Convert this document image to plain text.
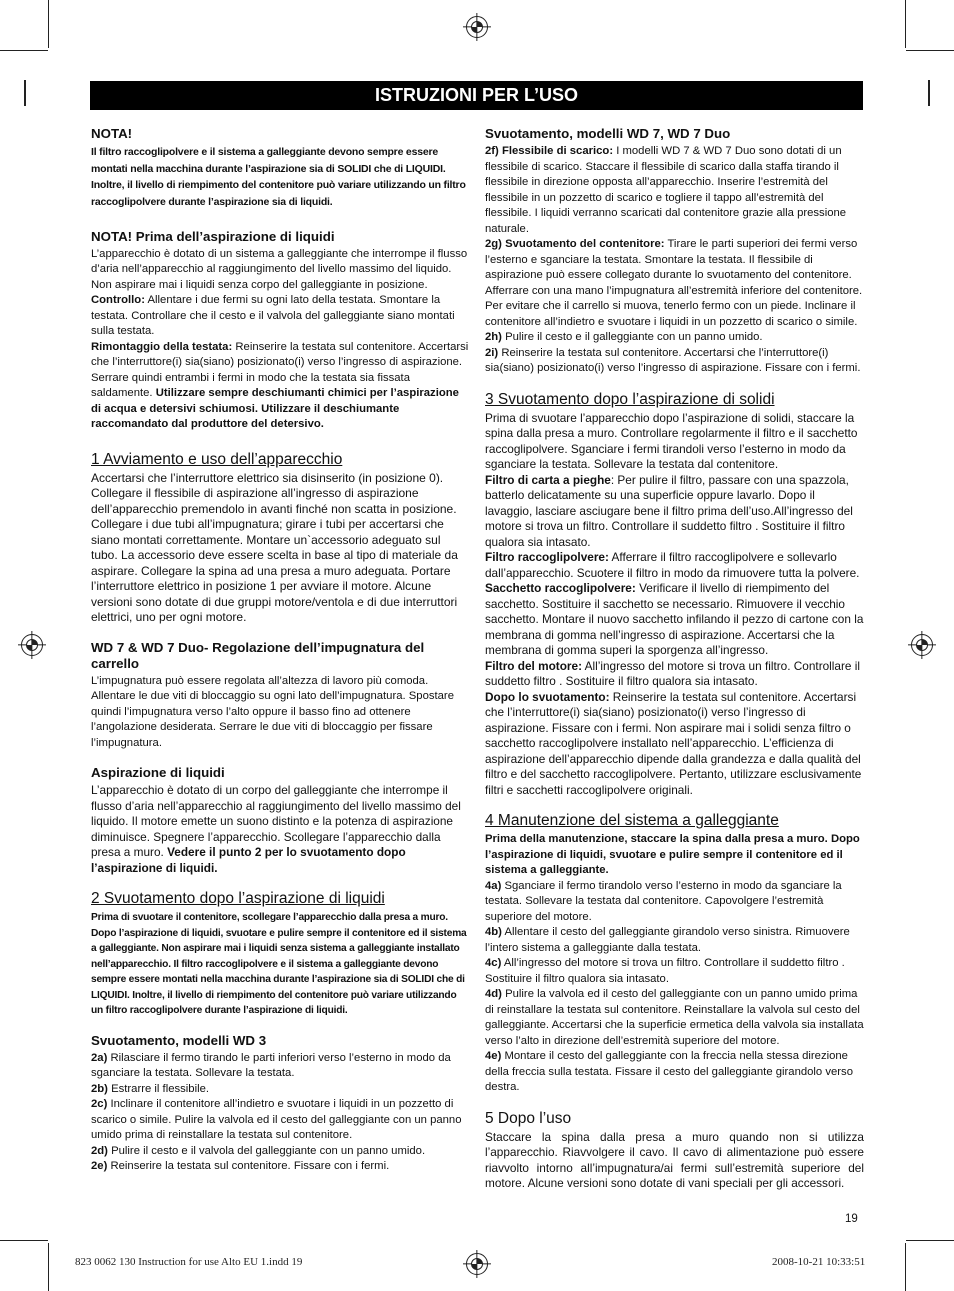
ISTRUZIONI PER L’USO
NOTA!

Il filtro raccoglipolvere e il sistema a galleggiante devono sempre essere montati nella macchina durante l’aspirazione sia di SOLIDI che di LIQUIDI. Inoltre, il livello di riempimento del contenitore può variare utilizzando un filtro raccoglipolvere durante l’aspirazione sia di liquidi.

NOTA! Prima dell’aspirazione di liquidi

L’apparecchio è dotato di un sistema a galleggiante che interrompe il flusso d’aria nell’apparecchio al raggiungimento del livello massimo del liquido. Non aspirare mai i liquidi senza corpo del galleggiante in posizione.

Controllo: Allentare i due fermi su ogni lato della testata. Smontare la testata. Controllare che il cesto e il valvola del galleggiante siano montati sulla testata.

Rimontaggio della testata: Reinserire la testata sul contenitore. Accertarsi che l’interruttore(i) sia(siano) posizionato(i) verso l’ingresso di aspirazione. Serrare quindi entrambi i fermi in modo che la testata sia fissata saldamente. Utilizzare sempre deschiumanti chimici per l’aspirazione di acqua e detersivi schiumosi. Utilizzare il deschiumante raccomandato dal produttore del detersivo.

1 Avviamento e uso dell’apparecchio

Accertarsi che l’interruttore elettrico sia disinserito (in posizione 0). Collegare il flessibile di aspirazione all’ingresso di aspirazione dell’apparecchio premendolo in avanti finché non scatta in posizione. Collegare i due tubi all’impugnatura; girare i tubi per accertarsi che siano montati correttamente. Montare un`accessorio adeguato sul tubo. La accessorio deve essere scelta in base al tipo di materiale da aspirare. Collegare la spina ad una presa a muro adeguata. Portare l’interruttore elettrico in posizione 1 per avviare il motore. Alcune versioni sono dotate di due gruppi motore/ventola e di due interruttori elettrici, uno per ogni motore.

WD 7 & WD 7 Duo- Regolazione dell’impugnatura del carrello

L’impugnatura può essere regolata all’altezza di lavoro più comoda. Allentare le due viti di bloccaggio su ogni lato dell’impugnatura. Spostare quindi l’impugnatura verso l’alto oppure il basso fino ad ottenere l’angolazione desiderata. Serrare le due viti di bloccaggio per fissare l’impugnatura.

Aspirazione di liquidi

L’apparecchio è dotato di un corpo del galleggiante che interrompe il flusso d’aria nell’apparecchio al raggiungimento del livello massimo del liquido. Il motore emette un suono distinto e la potenza di aspirazione diminuisce. Spegnere l’apparecchio. Scollegare l’apparecchio dalla presa a muro. Vedere il punto 2 per lo svuotamento dopo l’aspirazione di liquidi.

2 Svuotamento dopo l’aspirazione di liquidi

Prima di svuotare il contenitore, scollegare l’apparecchio dalla presa a muro. Dopo l’aspirazione di liquidi, svuotare e pulire sempre il contenitore ed il sistema a galleggiante. Non aspirare mai i liquidi senza sistema a galleggiante installato nell’apparecchio. Il filtro raccoglipolvere e il sistema a galleggiante devono sempre essere montati nella macchina durante l’aspirazione sia di SOLIDI che di LIQUIDI. Inoltre, il livello di riempimento del contenitore può variare utilizzando un filtro raccoglipolvere durante l’aspirazione di liquidi.

Svuotamento, modelli WD 3

2a) Rilasciare il fermo tirando le parti inferiori verso l’esterno in modo da sganciare la testata. Sollevare la testata.

2b) Estrarre il flessibile.

2c) Inclinare il contenitore all’indietro e svuotare i liquidi in un pozzetto di scarico o simile. Pulire la valvola ed il cesto del galleggiante con un panno umido prima di reinstallare la testata sul contenitore.

2d) Pulire il cesto e il valvola del galleggiante con un panno umido.

2e) Reinserire la testata sul contenitore. Fissare con i fermi.

Svuotamento, modelli WD 7, WD 7 Duo

2f) Flessibile di scarico: I modelli WD 7 & WD 7 Duo sono dotati di un flessibile di scarico. Staccare il flessibile di scarico dalla staffa tirando il flessibile in direzione opposta all’apparecchio. Inserire l’estremità del flessibile in un pozzetto di scarico e togliere il tappo all’estremità del flessibile. I liquidi verranno scaricati dal contenitore grazie alla pressione naturale.

2g) Svuotamento del contenitore: Tirare le parti superiori dei fermi verso l’esterno e sganciare la testata. Smontare la testata. Il flessibile di aspirazione può essere collegato durante lo svuotamento del contenitore. Afferrare con una mano l’impugnatura all’estremità inferiore del contenitore. Per evitare che il carrello si muova, tenerlo fermo con un piede. Inclinare il contenitore all’indietro e svuotare i liquidi in un pozzetto di scarico o simile.

2h) Pulire il cesto e il galleggiante con un panno umido.

2i) Reinserire la testata sul contenitore. Accertarsi che l’interruttore(i) sia(siano) posizionato(i) verso l’ingresso di aspirazione. Fissare con i fermi.

3 Svuotamento dopo l’aspirazione di solidi

Prima di svuotare l’apparecchio dopo l’aspirazione di solidi, staccare la spina dalla presa a muro. Controllare regolarmente il filtro e il sacchetto raccoglipolvere. Sganciare i fermi tirandoli verso l’esterno in modo da sganciare la testata. Sollevare la testata dal contenitore.

Filtro di carta a pieghe: Per pulire il filtro, passare con una spazzola, batterlo delicatamente su una superficie oppure lavarlo. Dopo il lavaggio, lasciare asciugare bene il filtro prima dell’uso.All’ingresso del motore si trova un filtro. Controllare il suddetto filtro . Sostituire il filtro qualora sia intasato.

Filtro raccoglipolvere: Afferrare il filtro raccoglipolvere e sollevarlo dall’apparecchio. Scuotere il filtro in modo da rimuovere tutta la polvere.

Sacchetto raccoglipolvere: Verificare il livello di riempimento del sacchetto. Sostituire il sacchetto se necessario. Rimuovere il vecchio sacchetto. Montare il nuovo sacchetto infilando il pezzo di cartone con la membrana di gomma nell’ingresso di aspirazione. Accertarsi che la membrana di gomma superi la sporgenza all’ingresso.

Filtro del motore: All’ingresso del motore si trova un filtro. Controllare il suddetto filtro . Sostituire il filtro qualora sia intasato.

Dopo lo svuotamento: Reinserire la testata sul contenitore. Accertarsi che l’interruttore(i) sia(siano) posizionato(i) verso l’ingresso di aspirazione. Fissare con i fermi. Non aspirare mai i solidi senza filtro o sacchetto raccoglipolvere installato nell’apparecchio. L’efficienza di aspirazione dell’apparecchio dipende dalla grandezza e dalla qualità del filtro e del sacchetto raccoglipolvere. Pertanto, utilizzare esclusivamente filtri e sacchetti raccoglipolvere originali.

4 Manutenzione del sistema a galleggiante

Prima della manutenzione, staccare la spina dalla presa a muro. Dopo l’aspirazione di liquidi, svuotare e pulire sempre il contenitore ed il sistema a galleggiante.

4a) Sganciare il fermo tirandolo verso l’esterno in modo da sganciare la testata. Sollevare la testata dal contenitore. Capovolgere l’estremità superiore del motore.

4b) Allentare il cesto del galleggiante girandolo verso sinistra. Rimuovere l’intero sistema a galleggiante dalla testata.

4c) All’ingresso del motore si trova un filtro. Controllare il suddetto filtro . Sostituire il filtro qualora sia intasato.

4d) Pulire la valvola ed il cesto del galleggiante con un panno umido prima di reinstallare la testata sul contenitore. Reinstallare la valvola sul cesto del galleggiante. Accertarsi che la superficie ermetica della valvola sia installata verso l’alto in direzione dell’estremità superiore del motore.

4e) Montare il cesto del galleggiante con la freccia nella stessa direzione della freccia sulla testata. Fissare il cesto del galleggiante girandolo verso destra.

5 Dopo l’uso

Staccare la spina dalla presa a muro quando non si utilizza l’apparecchio. Riavvolgere il cavo. Il cavo di alimentazione può essere riavvolto intorno all’impugnatura/ai fermi sull’estremità superiore del motore. Alcune versioni sono dotate di vani speciali per gli accessori.

19
823 0062 130 Instruction for use Alto EU 1.indd 19	2008-10-21 10:33:51
